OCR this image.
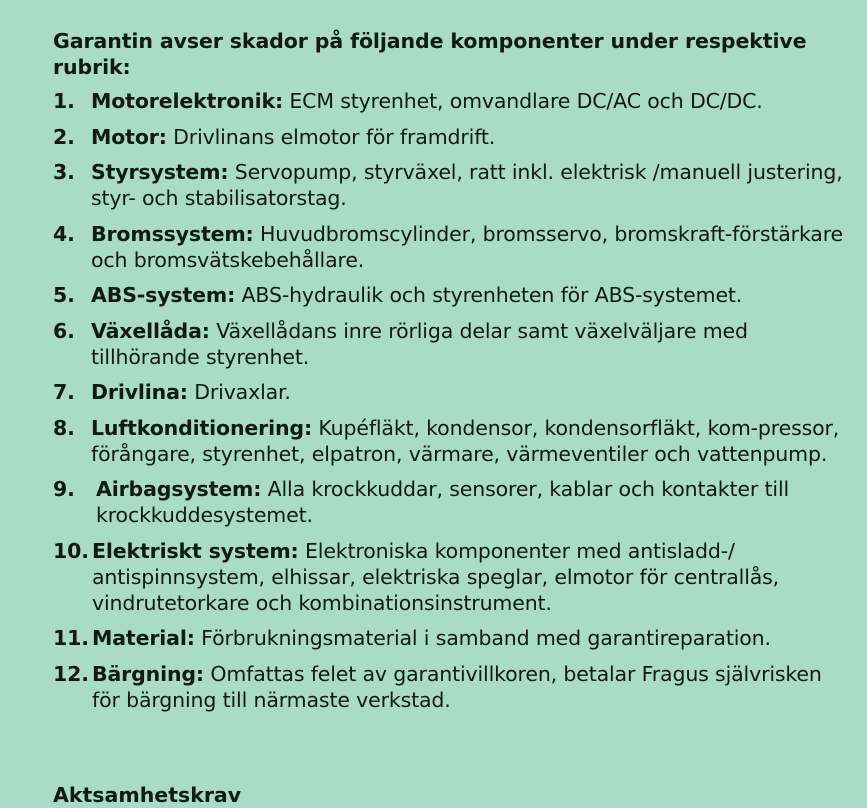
Garantin avser skador på följande komponenter under respektive rubrik:

1. Motorelektronik: ECM styrenhet, omvandlare DC/AC och DC/DC.
2. Motor: Drivlinans elmotor för framdrift.
3. Styrsystem: Servopump, styrväxel, ratt inkl. elektrisk /manuell justering, styr- och stabilisatorstag.
4. Bromssystem: Huvudbromscylinder, bromsservo, bromskraft-förstärkare och bromsvätskebehållare.
5. ABS-system: ABS-hydraulik och styrenheten för ABS-systemet.
6. Växellåda: Växellådans inre rörliga delar samt växelväljare med tillhörande styrenhet.
7. Drivlina: Drivaxlar.
8. Luftkonditionering: Kupéfläkt, kondensor, kondensorfläkt, kom-pressor, förångare, styrenhet, elpatron, värmare, värmeventiler och vattenpump.
9. Airbagsystem: Alla krockkuddar, sensorer, kablar och kontakter till krockkuddesystemet.
10. Elektriskt system: Elektroniska komponenter med antisladd-/ antispinnsystem, elhissar, elektriska speglar, elmotor för centrallås, vindrutetorkare och kombinationsinstrument.
11. Material: Förbrukningsmaterial i samband med garantireparation.
12. Bärgning: Omfattas felet av garantivillkoren, betalar Fragus självrisken för bärgning till närmaste verkstad.
Aktsamhetskrav
